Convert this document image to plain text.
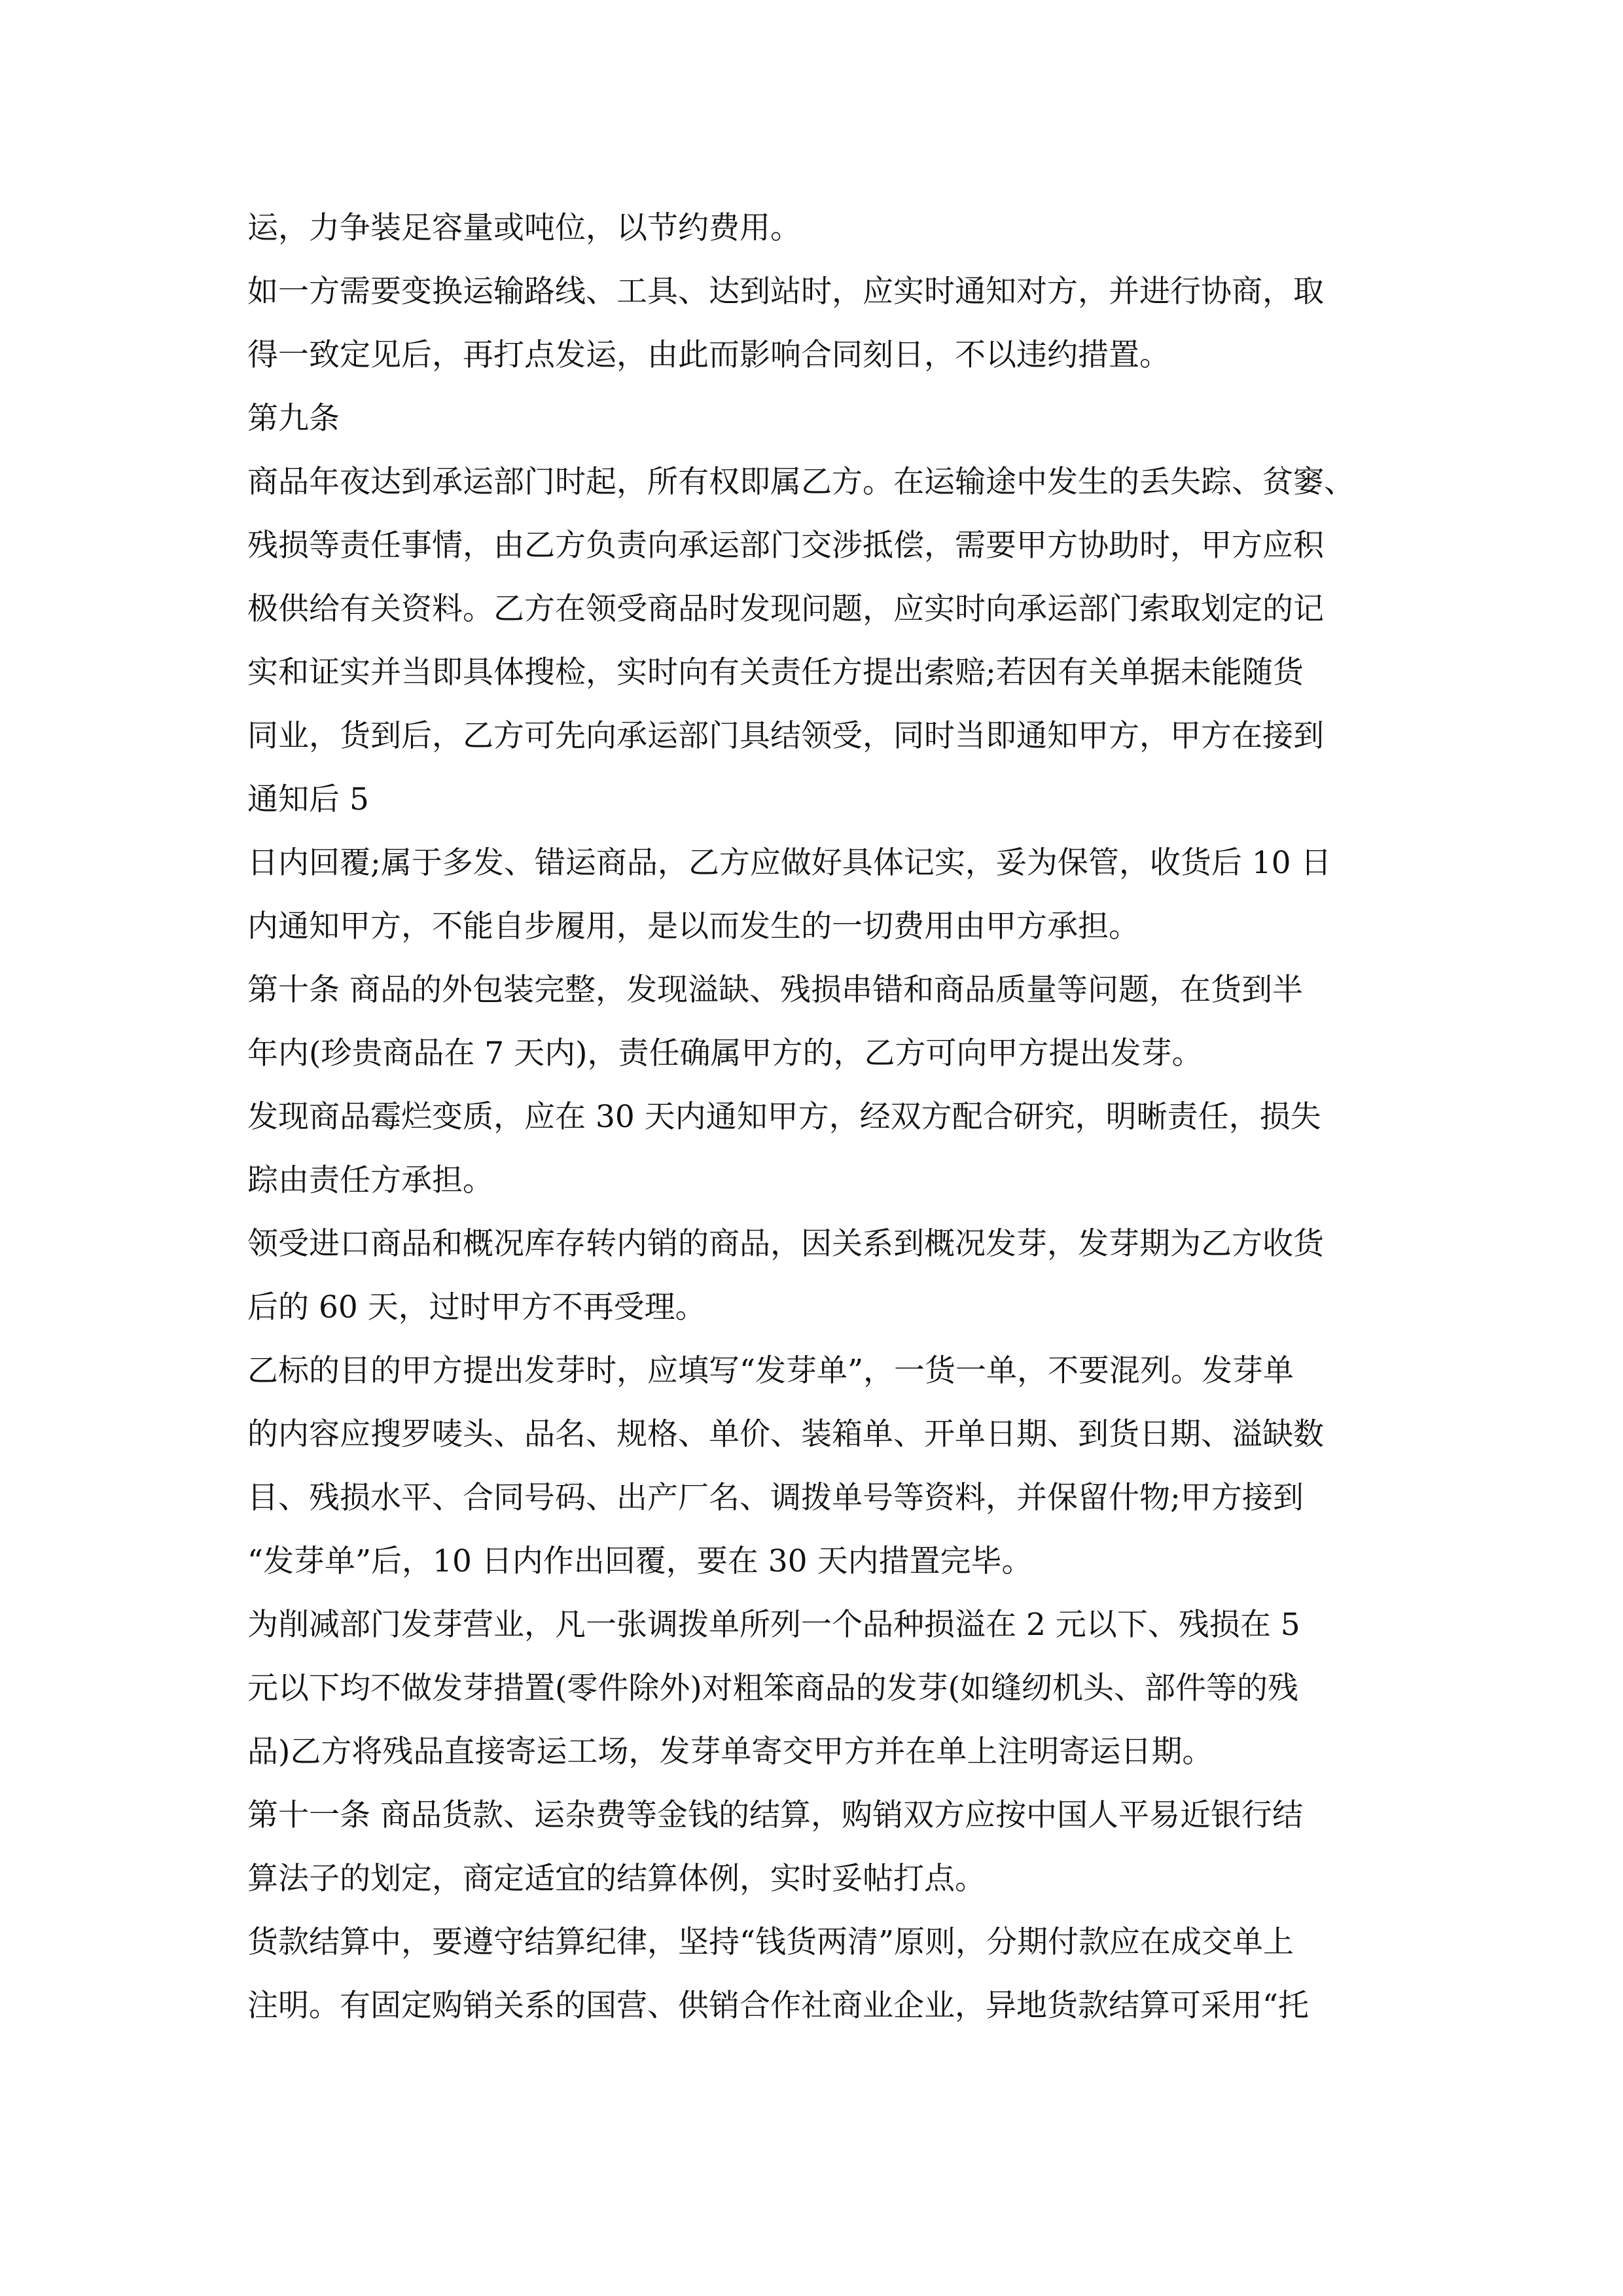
运，力争装足容量或吨位，以节约费用。
如一方需要变换运输路线、工具、达到站时，应实时通知对方，并进行协商，取
得一致定见后，再打点发运，由此而影响合同刻日，不以违约措置。
第九条
商品年夜达到承运部门时起，所有权即属乙方。在运输途中发生的丢失踪、贫窭、
残损等责任事情，由乙方负责向承运部门交涉抵偿，需要甲方协助时，甲方应积
极供给有关资料。乙方在领受商品时发现问题，应实时向承运部门索取划定的记
实和证实并当即具体搜检，实时向有关责任方提出索赔;若因有关单据未能随货
同业，货到后，乙方可先向承运部门具结领受，同时当即通知甲方，甲方在接到
通知后 5
日内回覆;属于多发、错运商品，乙方应做好具体记实，妥为保管，收货后 10 日
内通知甲方，不能自步履用，是以而发生的一切费用由甲方承担。
第十条 商品的外包装完整，发现溢缺、残损串错和商品质量等问题，在货到半
年内(珍贵商品在 7 天内)，责任确属甲方的，乙方可向甲方提出发芽。
发现商品霉烂变质，应在 30 天内通知甲方，经双方配合研究，明晰责任，损失
踪由责任方承担。
领受进口商品和概况库存转内销的商品，因关系到概况发芽，发芽期为乙方收货
后的 60 天，过时甲方不再受理。
乙标的目的甲方提出发芽时，应填写“发芽单”，一货一单，不要混列。发芽单
的内容应搜罗唛头、品名、规格、单价、装箱单、开单日期、到货日期、溢缺数
目、残损水平、合同号码、出产厂名、调拨单号等资料，并保留什物;甲方接到
“发芽单”后，10 日内作出回覆，要在 30 天内措置完毕。
为削减部门发芽营业，凡一张调拨单所列一个品种损溢在 2 元以下、残损在 5
元以下均不做发芽措置(零件除外)对粗笨商品的发芽(如缝纫机头、部件等的残
品)乙方将残品直接寄运工场，发芽单寄交甲方并在单上注明寄运日期。
第十一条 商品货款、运杂费等金钱的结算，购销双方应按中国人平易近银行结
算法子的划定，商定适宜的结算体例，实时妥帖打点。
货款结算中，要遵守结算纪律，坚持“钱货两清”原则，分期付款应在成交单上
注明。有固定购销关系的国营、供销合作社商业企业，异地货款结算可采用“托
